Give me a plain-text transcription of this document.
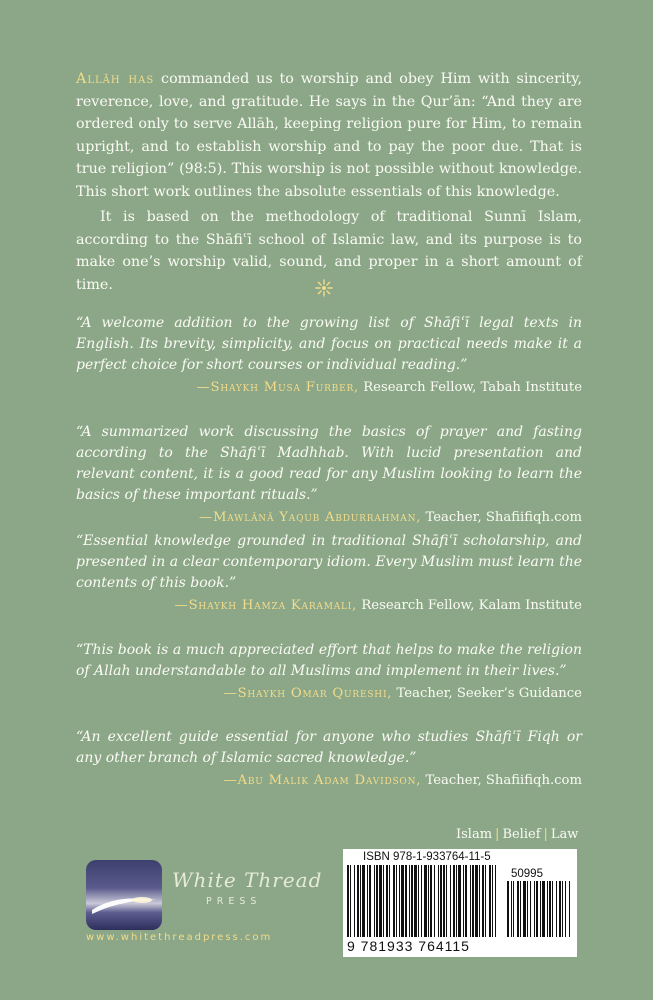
Allāh has commanded us to worship and obey Him with sincerity, reverence, love, and gratitude. He says in the Qur’ān: “And they are ordered only to serve Allāh, keeping religion pure for Him, to remain upright, and to establish worship and to pay the poor due. That is true religion” (98:5). This worship is not possible without knowledge. This short work outlines the absolute essentials of this knowledge.

It is based on the methodology of traditional Sunnī Islam, according to the Shāfiʿī school of Islamic law, and its purpose is to make one’s worship valid, sound, and proper in a short amount of time.

“A welcome addition to the growing list of Shāfiʿī legal texts in English. Its brevity, simplicity, and focus on practical needs make it a perfect choice for short courses or individual reading.”

—Shaykh Musa Furber, Research Fellow, Tabah Institute

“A summarized work discussing the basics of prayer and fasting according to the Shāfiʿī Madhhab. With lucid presentation and relevant content, it is a good read for any Muslim looking to learn the basics of these important rituals.”

—Mawlānā Yaqub Abdurrahman, Teacher, Shafiifiqh.com

“Essential knowledge grounded in traditional Shāfiʿī scholarship, and presented in a clear contemporary idiom. Every Muslim must learn the contents of this book.”

—Shaykh Hamza Karamali, Research Fellow, Kalam Institute

“This book is a much appreciated effort that helps to make the religion of Allah understandable to all Muslims and implement in their lives.”

—Shaykh Omar Qureshi, Teacher, Seeker’s Guidance

“An excellent guide essential for anyone who studies Shāfiʿī Fiqh or any other branch of Islamic sacred knowledge.”

—Abu Malik Adam Davidson, Teacher, Shafiifiqh.com

Islam | Belief | Law
White Thread
PRESS
www.whitethreadpress.com
ISBN 978-1-933764-11-5
50995
9 781933 764115
